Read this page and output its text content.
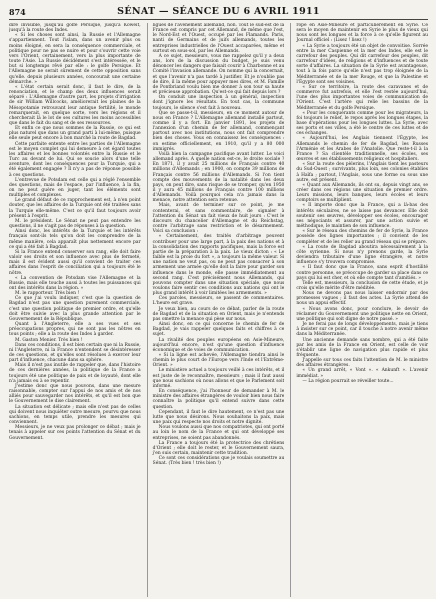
874	SÉNAT — SÉANCE DU 6 AVRIL 1911

dire invisible, jusqu'au golfe Persique, jusqu'à Koweït, jusqu'à la route des Indes.

« Si les choses sont ainsi, la Russie et l'Allemagne s'appartiennent. Tout l'islam, dans un avenir plus ou moins éloigné, en sera la conséquence commerciale, et politique pour ne pas se nuire et pour s'ouvrir cette voie vers l'Orient, certainement, vers la plus importante de toute l'Asie. La Russie décidément s'est intéressée, et le but si longtemps rêvé par elle : le golfe Persique. Et l'Allemagne ne serait sûrement de cette opposition sans qu'elle. depuis plusieurs années, concourait une certaine démarche. »

« L'état certain serait donc, il faut le dire, de la renonciation, et le champ des deux influences serait séparé : L'Allemagne d'autre part, les projets d'irrigation de sir William Willcocks, améliorerait les plaines de la Mésopotamie retrouvant leur antique fertilité, le monde remarquerait, en quelque sorte, vers les régions et il chercherait là le lot de ses cultures les moins accessibles que dans le fait du sang et de ses ressources.

Et enfin ce que nous sommes de la Russie, ce qui est plus naturel que dans un grand parti à lui-même, puisque elle seule peut encore à bon marché la route de Bagdad.

Cette parfaite entente entre les parties de l'Allemagne est le moyen complet qui lui demeure à cet égard toutes les affaires et les bonnes volontés entre la Russie et le Turc au devant de lui. Qui se soucie alors d'une telle aventure, dont les conséquences pour la Turquie, qui a été également engagée ? Il n'y a pas de réponse possible à ces questions.

L'entrevue de Potsdam est celle qui a réglé l'ensemble des questions, mais de l'espace, par l'influence, à la fin, on ne peut guère en juger, tant les éléments sont multiples et complexes.

Le grand défaut de ce rapprochement est, à n'en point douter, que les affaires de la Turquie ont été traitées sans la Turquie elle-même. C'est ce qu'il faut toujours avoir présent à l'esprit.

M. le président. Le Sénat ne peut pas entendre les questions, il ne s'agit pas de réponses à la question.

Ainsi donc, les intérêts de la Turquie et les intérêts français sont-ils tels qu'on doit les comprendre de la même manière, cela apparaît plus nettement encore par ce qui a été fait à Bagdad.

Si la France entend conserver son rang, elle doit faire valoir ses droits et son influence avec plus de fermeté, mais il est évident aussi qu'il convient de traiter ces affaires dans l'esprit de conciliation qui a toujours été le nôtre.

« La convention de Potsdam vise l'Allemagne et la Russie, mais elle touche aussi à toutes les puissances qui ont des intérêts dans la région. »

M. le rapporteur. Très bien !

Ce que j'ai voulu indiquer, c'est que la question de Bagdad n'est pas une question purement commerciale, c'est une question politique de premier ordre, et qu'elle doit être suivie avec la plus grande attention par le Gouvernement de la République.

Quant à l'Angleterre, elle a ses vues et ses préoccupations propres, qui ne sont pas les nôtres en tous points ; elle a la route des Indes à garder.

M. Gaston Menier. Très bien !

Dans ces conditions, il est bien certain que ni la Russie, ni l'Angleterre, ni la France n'entendent se désintéresser de ces questions, et qu'elles sont résolues à exercer leur part d'influence, chacune dans sa sphère.

Mais il n'est pas inutile de rappeler que, dans l'histoire de ces dernières années, la politique de la France a toujours été une politique de paix et de loyauté, dont elle n'a jamais eu à se repentir.

J'estime donc que nous pouvons, dans une mesure raisonnable, compter sur l'appui de nos amis et de nos alliés pour sauvegarder nos intérêts, et qu'il est bon que le Gouvernement le dise clairement.

La situation est délicate ; mais elle n'est pas de celles qui doivent nous inquiéter outre mesure, pourvu que nous sachions, en temps utile, prendre les mesures qui conviennent.

Messieurs, je ne veux pas prolonger ce débat ; mais je tenais à appeler sur ces points l'attention du Sénat et du Gouvernement.

ligues de l'avènement allemand, non. Tout le sud-est de la France est compris par cet Allemand, de même que l'est, le Nord-Est et l'Ouest, occupé par les Flamands. Paris, nanti de Germains et de juifs allemands, toutes les entreprises industrielles de l'Ouest accaparées, même et surtout en sous-sol, par les Allemands.

A ce sujet, messieurs, vous me rappelez qu'il y a deux ans, lors de la discussion du budget, je suis venu dénoncer les dangers que faisait courir à Charbonne et au Comité l'invasion allemande. On nomme qui la concernait, et que l'avenir n'a pas tardé à justifier. Et je n'oublie pas de dire, il la même pour appuyer mes dires, et M. Famille de Pontbriand voulu bien me donner à son tour sa haute et précieuse approbation. Qu'est-ce qui fait depuis lors ?

On conduit une inspection à un général, inspection dont j'ignore les résultats. En tout cas, la commune toujours, le silence s'est fait à nouveau.

Que se passe-t-il, messieurs, en ce moment autour de nous en France ? L'Allemagne allemand installé partout, comme il y a fort. En janvier 1891, les projets de l'annexion d'un chemin de fer allemand, commençant partout avec nos institutions, nous ont fait comprendre bien des choses. Vous en connaissez les conséquences : on estime officiellement, en 1910, qu'il y a 80 000 immigrés.

Voilà bien la campagne pacifique avant lutter. Le voici allemand après. A quelle nation est-ce, le droite sociale ? En 1871, il y avait 25 millions de Français contre 40 millions d'Allemands ; en 1900, on compte 39 millions de Français contre 56 millions d'Allemands. Si l'on tient compte des mouvements de la natalité dans les deux pays, on peut dire, sans risque de se tromper, qu'en 1950 il y aura 45 millions de Français contre 100 millions d'Allemands. Voilà pourquoi cela n'a jamais dans la menace, notre attention sera retenue.

Mais, avant de terminer sur ce point, je me contenterai, et sans commentaire, de signaler à l'attention du Sénat un fait vieux de huit jours : C'est le discours du chancelier d'Allemagne et du Reichstag, contre l'arbitrage sans restriction et le désarmement. Voici sa conclusion :

« Certainement, des traités d'arbitrage peuvent contribuer pour une large part, à la paix des nations et à la consolidation des rapports pacifiques, mais la force est partie de la préparation à la paix. Le vieux dicton : « Le faible est la proie du fort », a toujours la même valeur. Si une nation ne veut pas, ou ne peut pas consacrer à son armement une armée qu'elle doit la faire pour garder son influence dans le monde, elle passe immédiatement au second rang. C'est précisément nous Allemands, qui pouvons compter dans une situation spéciale, que nous voulons faire sentir ces conditions aux nations qui ont le plus grand intérêt à voir limitées les armements. »

Ces paroles, messieurs, se passent de commentaires. L'heure est grave.

Je veux bien, au cours de ce débat, parler de la route de Bagdad et de la situation en Orient, mais je n'entends pas omettre la menace qui pèse sur nous.

Ainsi donc, en ce qui concerne le chemin de fer de Bagdad, je vais rappeler quelques faits et chiffres à ce sujet.

La rivalité des peuples européens en Asie-Mineure, aujourd'hui encore, n'est qu'une question d'influence économique et de voies de communication.

« Si la ligne est achevée, l'Allemagne tiendra ainsi le chemin le plus court de l'Europe vers l'Inde et l'Extrême-Orient. »

Le ministère actuel a toujours veillé à ces intérêts, et il est juste de le reconnaître, messieurs ; mais il faut aussi que nous sachions où nous allons et que le Parlement soit informé.

En conséquence, j'ai l'honneur de demander à M. le ministre des affaires étrangères de vouloir bien nous faire connaître la politique qu'il entend suivre dans cette question.

Cependant, il faut le dire hautement, ce n'est pas une lutte que nous désirons. Nous souhaitons la paix, mais une paix qui respecte nos droits et notre dignité.

Nous voulons aussi que nos compatriotes, qui ont porté au loin le nom de la France et qui ont développé ses entreprises, ne soient pas abandonnés.

La France a toujours été la protectrice des chrétiens d'Orient ; elle doit le rester, et le Gouvernement saura, j'en suis certain, maintenir cette tradition.

Ce sont ces considérations que je voulais soumettre au Sénat. (Très bien ! très bien !)

rope en Asie-Mineure et particulièrement en Syrie. Ce sera le moyen de maintenir en Syrie le plus de vieux qui nous sont les longues et la force à ce qu'elle figurent au Journal officiel : (Lisez ! lisez !)

« La Syrie a toujours été un objet de convoitise. Sorrée entre la mer Caspienne et la mer des Indes, elle est le carrefour des peuples. Qui dit carrefour des peuples, dit carrefour d'idées, de religions et d'influences et de toute sorte d'affaires. La situation de la Syrie est avantageuse, tout à la fois parce qu'elle n'est pas trop éloignée de la Méditerranée et de la mer Rouge, et que la Palestine et l'Égypte sont ses voisines.

« Sur ce territoire, la route des caravanes et de commerce fut autrefois, et elle l'est restée aujourd'hui, l'une des plus importantes voies de communication de l'Orient. C'est l'artère qui relie les bassins de la Méditerranée et du golfe Persique.

« Pour les conquérants comme pour les migrateurs, la foi toujours le relief, le repos après les longues étapes, la base d'opérations pour les longues luttes. La Syrie, avec ses ports et ses villes, a été le centre de ces luttes et de ces échanges.

« Aujourd'hui, les Anglais tiennent l'Égypte, les Allemands le chemin de fer de Bagdad, les Russes l'Arménie et les Arabes de l'Anatolie. Que reste-t-il à la France ? Sa clientèle traditionnelle, ses écoles, ses œuvres et ses établissements religieux et hospitaliers.

« Sur la route des pèlerins, l'Anglais tient les pasteurs du Sud-Ouest ; survivants, plus loin, ses colonies établies à Haïfa ; partout, l'Anglais, sous une forme ou sous une autre, est présent.

« Quant aux Allemands, ils ont su, depuis vingt ans, se créer dans ces régions une situation de premier ordre. Leurs missions, leurs banques, leurs écoles et leurs comptoirs se multiplient.

« Il importe donc que la France, qui a là-bas des intérêts séculaires, ne se laisse pas devancer. Elle doit soutenir ses œuvres, développer ses écoles, encourager ses négociants et assurer, par une action suivie et méthodique, le maintien de son influence.

« Sur le réseau des chemins de fer de Syrie, la France possède des lignes importantes ; il convient de les compléter et de les relier au grand réseau qui se prépare.

« La route de Bagdad aboutira nécessairement à la côte syrienne. Si nous n'y prenons garde, la Syrie deviendra tributaire d'une ligne étrangère, et notre influence s'y trouvera compromise.

« Il faut donc que la France, sans esprit d'hostilité contre personne, se préoccupe de garder sa place dans ce pays qui lui est cher, et où elle compte tant d'amitiés. »

Telle est, messieurs, la conclusion de cette étude, et je crois qu'elle mérite d'être méditée.

Nous ne devons pas nous laisser endormir par des promesses vagues ; il faut des actes. La Syrie attend de nous un appui effectif.

« Nous avons donc, pour conclure, le devoir de réclamer du Gouvernement une politique nette en Orient, une politique qui soit digne de notre passé. »

Je ne ferai pas de longs développements, mais je tiens à insister sur ce point, car il touche à notre avenir même dans la Méditerranée.

Une ancienne demande sans nombre, qui a été faite par les amis de la France en Orient, est celle de voir s'établir une ligne de navigation plus rapide et plus fréquente.

J'appelle sur tous ces faits l'attention de M. le ministre des affaires étrangères.

« Un grand arrêt, « Vont ». « Ankunft ». L'avenir immédiat. »

— La région pourrait se réveiller toute...
